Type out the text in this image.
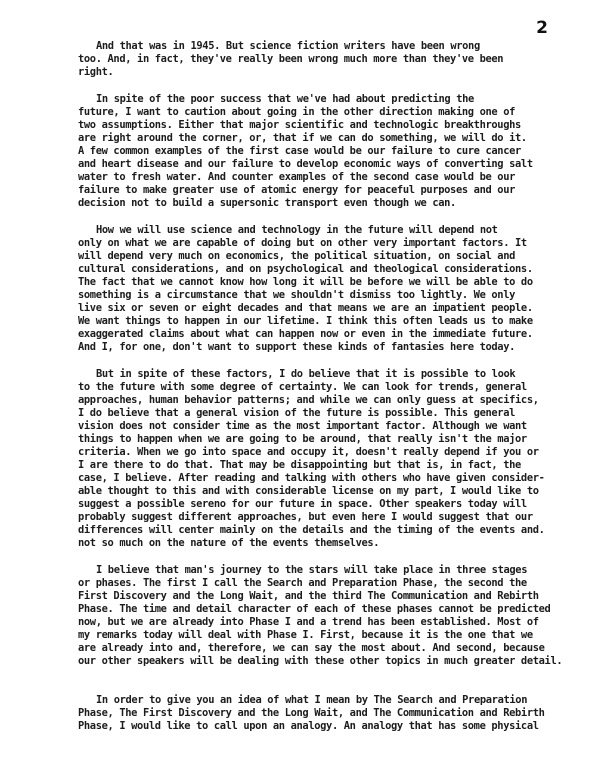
2
And that was in 1945. But science fiction writers have been wrong
too. And, in fact, they've really been wrong much more than they've been
right.
In spite of the poor success that we've had about predicting the
future, I want to caution about going in the other direction making one of
two assumptions. Either that major scientific and technologic breakthroughs
are right around the corner, or, that if we can do something, we will do it.
A few common examples of the first case would be our failure to cure cancer
and heart disease and our failure to develop economic ways of converting salt
water to fresh water. And counter examples of the second case would be our
failure to make greater use of atomic energy for peaceful purposes and our
decision not to build a supersonic transport even though we can.
How we will use science and technology in the future will depend not
only on what we are capable of doing but on other very important factors. It
will depend very much on economics, the political situation, on social and
cultural considerations, and on psychological and theological considerations.
The fact that we cannot know how long it will be before we will be able to do
something is a circumstance that we shouldn't dismiss too lightly. We only
live six or seven or eight decades and that means we are an impatient people.
We want things to happen in our lifetime. I think this often leads us to make
exaggerated claims about what can happen now or even in the immediate future.
And I, for one, don't want to support these kinds of fantasies here today.
But in spite of these factors, I do believe that it is possible to look
to the future with some degree of certainty. We can look for trends, general
approaches, human behavior patterns; and while we can only guess at specifics,
I do believe that a general vision of the future is possible. This general
vision does not consider time as the most important factor. Although we want
things to happen when we are going to be around, that really isn't the major
criteria. When we go into space and occupy it, doesn't really depend if you or
I are there to do that. That may be disappointing but that is, in fact, the
case, I believe. After reading and talking with others who have given consider-
able thought to this and with considerable license on my part, I would like to
suggest a possible sereno for our future in space. Other speakers today will
probably suggest different approaches, but even here I would suggest that our
differences will center mainly on the details and the timing of the events and.
not so much on the nature of the events themselves.
I believe that man's journey to the stars will take place in three stages
or phases. The first I call the Search and Preparation Phase, the second the
First Discovery and the Long Wait, and the third The Communication and Rebirth
Phase. The time and detail character of each of these phases cannot be predicted
now, but we are already into Phase I and a trend has been established. Most of
my remarks today will deal with Phase I. First, because it is the one that we
are already into and, therefore, we can say the most about. And second, because
our other speakers will be dealing with these other topics in much greater detail.
In order to give you an idea of what I mean by The Search and Preparation
Phase, The First Discovery and the Long Wait, and The Communication and Rebirth
Phase, I would like to call upon an analogy. An analogy that has some physical
